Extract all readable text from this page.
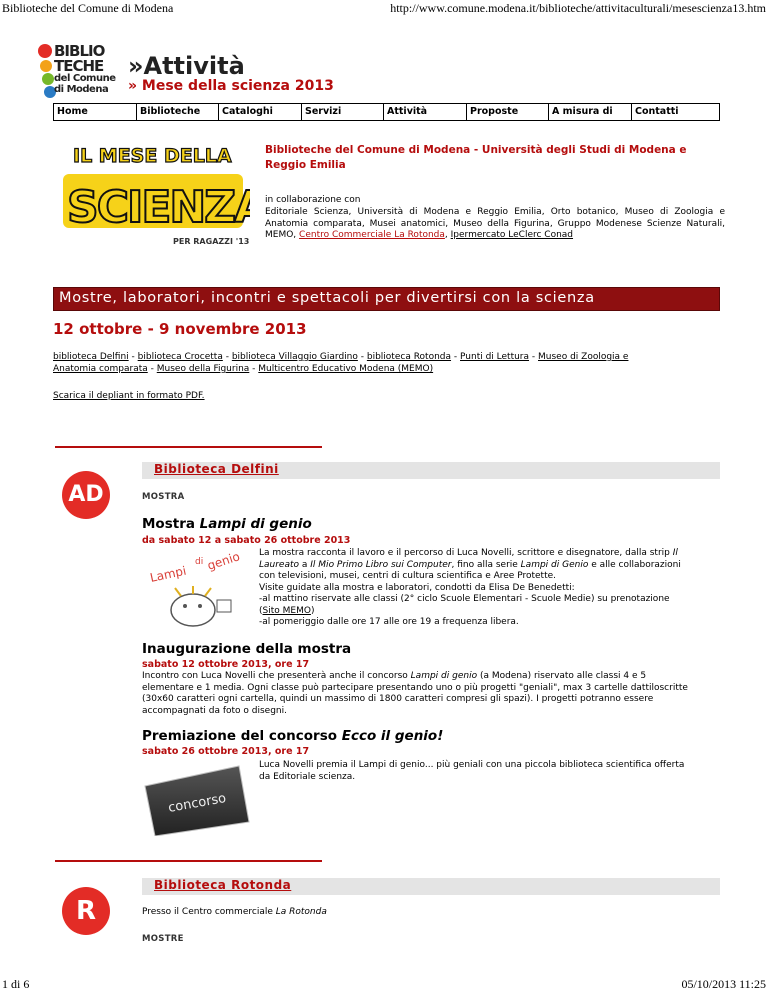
Biblioteche del Comune di Modena	http://www.comune.modena.it/biblioteche/attivitaculturali/mesescienza13.htm
BIBLIO
TECHE
del Comune
di Modena
»Attività
» Mese della scienza 2013
Home	Biblioteche	Cataloghi	Servizi	Attività	Proposte	A misura di	Contatti
IL MESE DELLA
SCIENZA
PER RAGAZZI '13
Biblioteche del Comune di Modena - Università degli Studi di Modena e Reggio Emilia
in collaborazione con
Editoriale Scienza, Università di Modena e Reggio Emilia, Orto botanico, Museo di Zoologia e Anatomia comparata, Musei anatomici, Museo della Figurina, Gruppo Modenese Scienze Naturali, MEMO, Centro Commerciale La Rotonda, Ipermercato LeClerc Conad
Mostre, laboratori, incontri e spettacoli per divertirsi con la scienza
12 ottobre - 9 novembre 2013
biblioteca Delfini - biblioteca Crocetta - biblioteca Villaggio Giardino - biblioteca Rotonda - Punti di Lettura - Museo di Zoologia e
Anatomia comparata - Museo della Figurina - Multicentro Educativo Modena (MEMO)
Scarica il depliant in formato PDF.
Biblioteca Delfini
AD	MOSTRA
Mostra Lampi di genio
da sabato 12 a sabato 26 ottobre 2013
Lampi
di genio La mostra racconta il lavoro e il percorso di Luca Novelli, scrittore e disegnatore, dalla strip Il
Laureato a Il Mio Primo Libro sui Computer, fino alla serie Lampi di Genio e alle collaborazioni
con televisioni, musei, centri di cultura scientifica e Aree Protette.
Visite guidate alla mostra e laboratori, condotti da Elisa De Benedetti:
-al mattino riservate alle classi (2° ciclo Scuole Elementari - Scuole Medie) su prenotazione
(Sito MEMO)
-al pomeriggio dalle ore 17 alle ore 19 a frequenza libera.
Inaugurazione della mostra
sabato 12 ottobre 2013, ore 17
Incontro con Luca Novelli che presenterà anche il concorso Lampi di genio (a Modena) riservato alle classi 4 e 5
elementare e 1 media. Ogni classe può partecipare presentando uno o più progetti "geniali", max 3 cartelle dattiloscritte
(30x60 caratteri ogni cartella, quindi un massimo di 1800 caratteri compresi gli spazi). I progetti potranno essere
accompagnati da foto o disegni.
Premiazione del concorso Ecco il genio!
sabato 26 ottobre 2013, ore 17
concorso
Luca Novelli premia il Lampi di genio... più geniali con una piccola biblioteca scientifica offerta
da Editoriale scienza.
Biblioteca Rotonda
R	Presso il Centro commerciale La Rotonda
MOSTRE
1 di 6	05/10/2013 11:25
